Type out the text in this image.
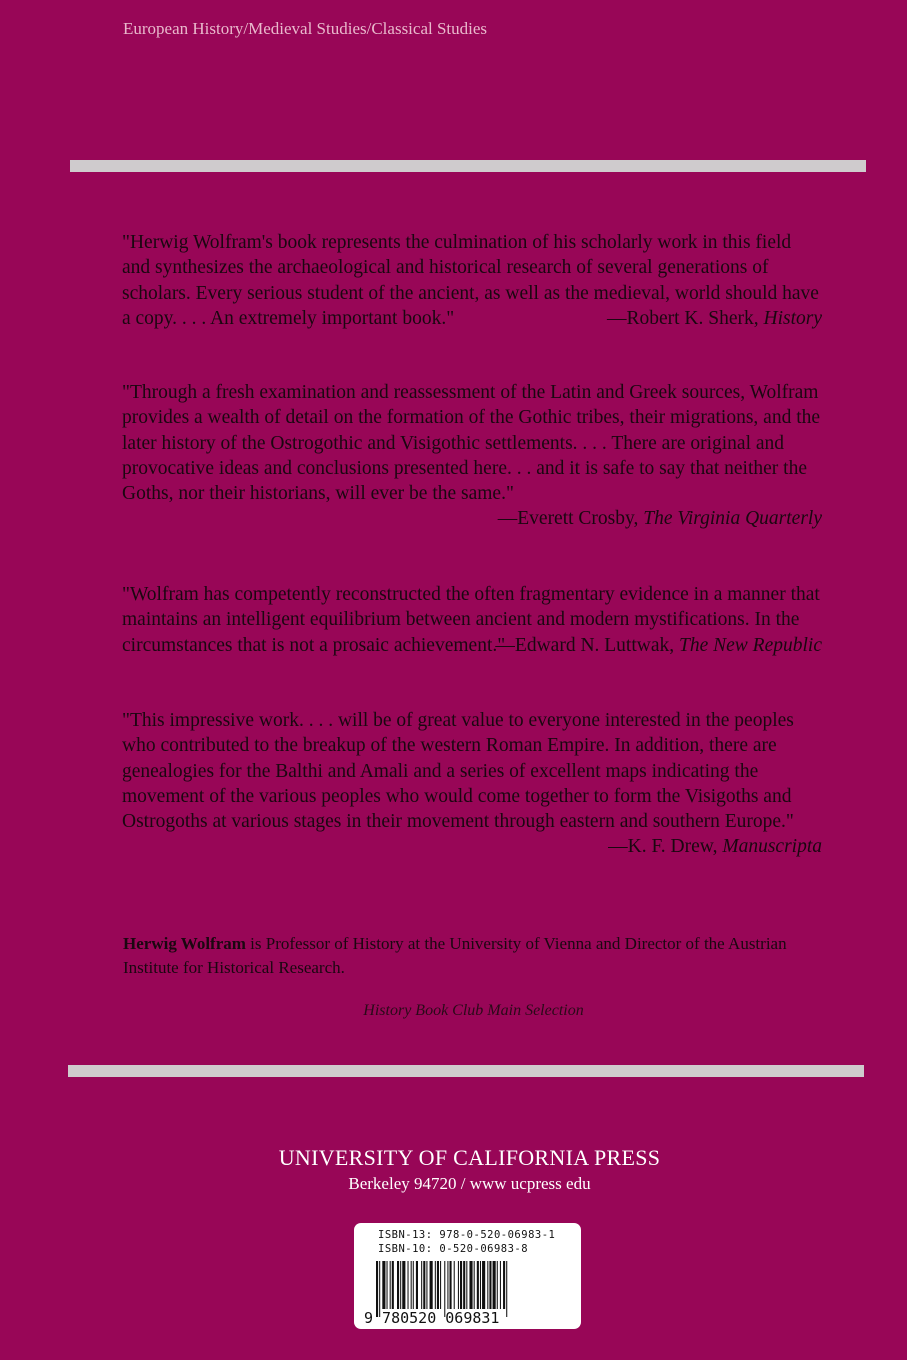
European History/Medieval Studies/Classical Studies

"Herwig Wolfram's book represents the culmination of his scholarly work in this field and synthesizes the archaeological and historical research of several generations of scholars. Every serious student of the ancient, as well as the medieval, world should have a copy. . . . An extremely important book."	—Robert K. Sherk, History

"Through a fresh examination and reassessment of the Latin and Greek sources, Wolfram provides a wealth of detail on the formation of the Gothic tribes, their migrations, and the later history of the Ostrogothic and Visigothic settlements. . . . There are original and provocative ideas and conclusions presented here. . . and it is safe to say that neither the Goths, nor their historians, will ever be the same."

—Everett Crosby, The Virginia Quarterly

"Wolfram has competently reconstructed the often fragmentary evidence in a manner that maintains an intelligent equilibrium between ancient and modern mystifications. In the circumstances that is not a prosaic achievement."

—Edward N. Luttwak, The New Republic

"This impressive work. . . . will be of great value to everyone interested in the peoples who contributed to the breakup of the western Roman Empire. In addition, there are genealogies for the Balthi and Amali and a series of excellent maps indicating the movement of the various peoples who would come together to form the Visigoths and Ostrogoths at various stages in their movement through eastern and southern Europe."

—K. F. Drew, Manuscripta
Herwig Wolfram is Professor of History at the University of Vienna and Director of the Austrian Institute for Historical Research.
History Book Club Main Selection
UNIVERSITY OF CALIFORNIA PRESS
Berkeley 94720 / www ucpress edu
ISBN-13: 978-0-520-06983-1
ISBN-10: 0-520-06983-8
9 780520 069831
